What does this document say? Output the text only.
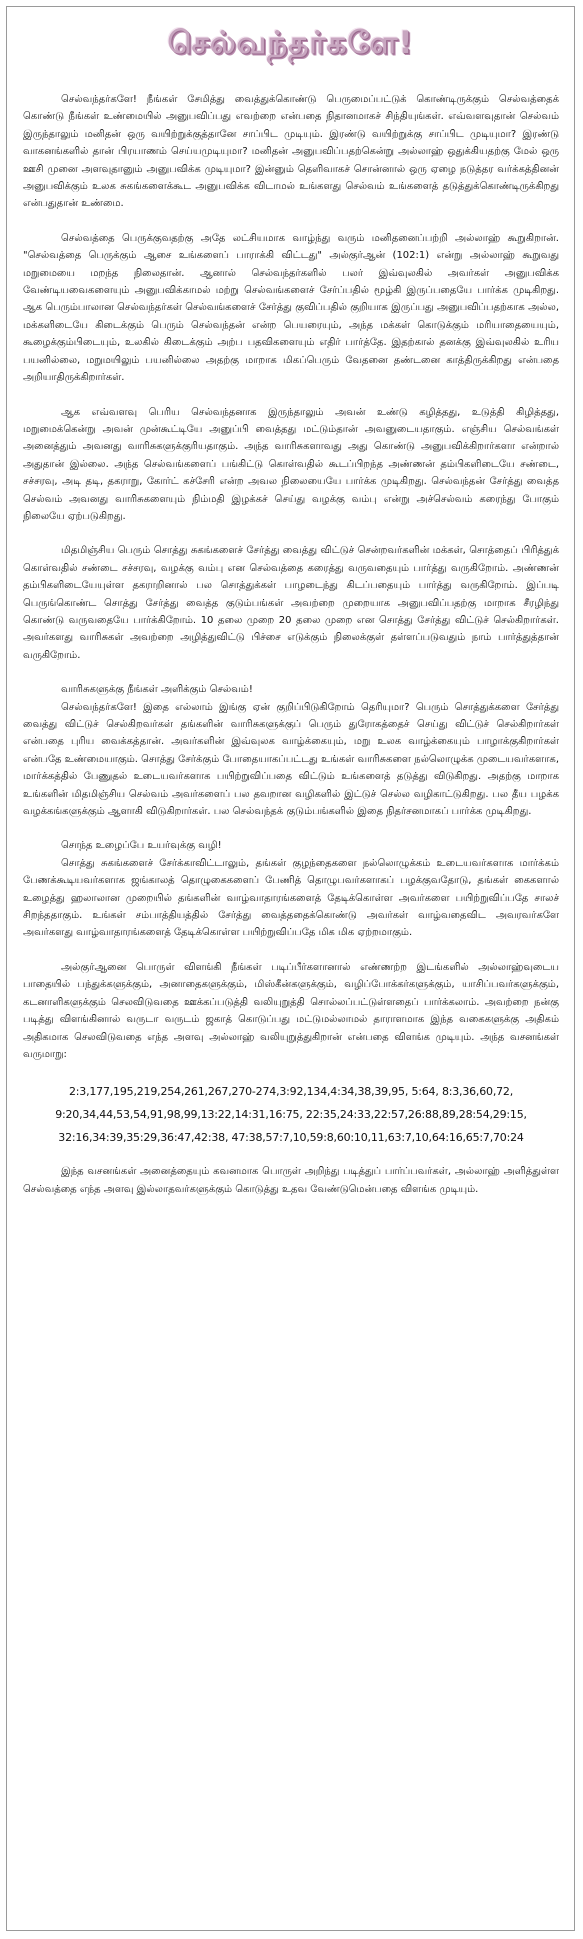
செல்வந்தர்களே!

செல்வந்தர்களே! நீங்கள் சேமித்து வைத்துக்கொண்டு பெருமைப்பட்டுக் கொண்டிருக்கும் செல்வத்தைக் கொண்டு நீங்கள் உண்மையில் அனுபவிப்பது எவற்றை என்பதை நிதானமாகச் சிந்தியுங்கள். எவ்வளவுதான் செல்வம் இருந்தாலும் மனிதன் ஒரு வயிற்றுக்குத்தானே சாப்பிட முடியும். இரண்டு வயிற்றுக்கு சாப்பிட முடியுமா? இரண்டு வாகனங்களில் தான் பிரயாணம் செய்யமுடியுமா? மனிதன் அனுபவிப்பதற்கென்று அல்லாஹ் ஒதுக்கியதற்கு மேல் ஒரு ஊசி முனை அளவுதானும் அனுபவிக்க முடியுமா? இன்னும் தெளிவாகச் சொன்னால் ஒரு ஏழை நடுத்தர வர்க்கத்தினன் அனுபவிக்கும் உலக சுகங்களைக்கூட அனுபவிக்க விடாமல் உங்களது செல்வம் உங்களைத் தடுத்துக்கொண்டிருக்கிறது என்பதுதான் உண்மை.

செல்வத்தை பெருக்குவதற்கு அதே லட்சியமாக வாழ்ந்து வரும் மனிதனைப்பற்றி அல்லாஹ் கூறுகிறான். "செல்வத்தை பெருக்கும் ஆசை உங்களைப் பாராக்கி விட்டது" அல்குர்ஆன் (102:1) என்று அல்லாஹ் கூறுவது மறுமையை மறந்த நிலைதான். ஆனால் செல்வந்தர்களில் பலர் இவ்வுலகில் அவர்கள் அனுபவிக்க வேண்டியவைகளையும் அனுபவிக்காமல் மற்று செல்வங்களைச் சேர்ப்பதில் மூழ்கி இருப்பதையே பார்க்க முடிகிறது. ஆக பெரும்பாலான செல்வந்தர்கள் செல்வங்களைச் சேர்த்து குவிப்பதில் குறியாக இருப்பது அனுபவிப்பதற்காக அல்ல, மக்களிடையே கிடைக்கும் பெரும் செல்வந்தன் என்ற பெயரையும், அந்த மக்கள் கொடுக்கும் மரியாதையையும், கூழைக்கும்பிடையும், உலகில் கிடைக்கும் அற்ப பதவிகளையும் எதிர் பார்த்தே. இதற்கால் தனக்கு இவ்வுலகில் உரிய பயனில்லை, மறுமயிலும் பயனில்லை அதற்கு மாறாக மிகப்பெரும் வேதனை தண்டனை காத்திருக்கிறது என்பதை அறியாதிருக்கிறார்கள்.

ஆக எவ்வளவு பெரிய செல்வந்தனாக இருந்தாலும் அவன் உண்டு கழித்தது, உடுத்தி கிழித்தது, மறுமைக்கென்று அவன் முன்கூட்டியே அனுப்பி வைத்தது மட்டும்தான் அவனுடையதாகும். எஞ்சிய செல்வங்கள் அனைத்தும் அவனது வாரிசுகளுக்குரியதாகும். அந்த வாரிசுகளாவது அது கொண்டு அனுபவிக்கிறார்களா என்றால் அதுதான் இல்லை. அந்த செல்வங்களைப் பங்கிட்டு கொள்வதில் கூடப்பிறந்த அண்ணன் தம்பிகளிடையே சண்டை, சச்சரவு, அடி தடி, தகராறு, கோர்ட் கச்சேரி என்ற அவல நிலையையே பார்க்க முடிகிறது. செல்வந்தன் சேர்த்து வைத்த செல்வம் அவனது வாரிசுகளையும் நிம்மதி இழக்கச் செய்து வழக்கு வம்பு என்று அச்செல்வம் கரைந்து போகும் நிலையே ஏற்படுகிறது.

மிதமிஞ்சிய பெரும் சொத்து சுகங்களைச் சேர்த்து வைத்து விட்டுச் சென்றவர்களின் மக்கள், சொத்தைப் பிரித்துக் கொள்வதில் சண்டை சச்சரவு, வழக்கு வம்பு என செல்வத்தை கரைத்து வருவதையும் பார்த்து வருகிறோம். அண்ணன் தம்பிகளிடையேயுள்ள தகராறினால் பல சொத்துக்கள் பாழடைந்து கிடப்பதையும் பார்த்து வருகிறோம். இப்படி பெருங்கொண்ட சொத்து சேர்த்து வைத்த குடும்பங்கள் அவற்றை முறையாக அனுபவிப்பதற்கு மாறாக சீரழிந்து கொண்டு வருவதையே பார்க்கிறோம். 10 தலை முறை 20 தலை முறை என சொத்து சேர்த்து விட்டுச் செல்கிறார்கள். அவர்களது வாரிசுகள் அவற்றை அழித்துவிட்டு பிச்சை எடுக்கும் நிலைக்குள் தள்ளப்படுவதும் நாம் பார்த்துத்தான் வருகிறோம்.

வாரிசுகளுக்கு நீங்கள் அளிக்கும் செல்வம்!

செல்வந்தர்களே! இதை எல்லாம் இங்கு ஏன் குறிப்பிடுகிறோம் தெரியுமா? பெரும் சொத்துக்களை சேர்த்து வைத்து விட்டுச் செல்கிறவர்கள் தங்களின் வாரிசுகளுக்குப் பெரும் துரோகத்தைச் செய்து விட்டுச் செல்கிறார்கள் என்பதை புரிய வைக்கத்தான். அவர்களின் இவ்வுலக வாழ்க்கையும், மறு உலக வாழ்க்கையும் பாழாக்குகிறார்கள் என்பதே உண்மையாகும். சொத்து சேர்க்கும் போதையாகப்பட்டது உங்கள் வாரிசுகளை நல்லொழுக்க முடையவர்களாக, மார்க்கத்தில் பேணுதல் உடையவர்களாக பயிற்றுவிப்பதை விட்டும் உங்களைத் தடுத்து விடுகிறது. அதற்கு மாறாக உங்களின் மிதமிஞ்சிய செல்வம் அவர்களைப் பல தவறான வழிகளில் இட்டுச் செல்ல வழிகாட்டுகிறது. பல தீய பழக்க வழக்கங்களுக்கும் ஆளாகி விடுகிறார்கள். பல செல்வந்தக் குடும்பங்களில் இதை நிதர்சனமாகப் பார்க்க முடிகிறது.

சொந்த உழைப்பே உயர்வுக்கு வழி!

சொத்து சுகங்களைச் சேர்க்காவிட்டாலும், தங்கள் குழந்தைகளை நல்லொழுக்கம் உடையவர்களாக மார்க்கம் பேணக்கூடியவர்களாக ஜங்காலத் தொழுகைகளைப் பேணித் தொழுபவர்களாகப் பழக்குவதோடு, தங்கள் கைகளால் உழைத்து ஹலாலான முறையில் தங்களின் வாழ்வாதாரங்களைத் தேடிக்கொள்ள அவர்களை பயிற்றுவிப்பதே சாலச் சிறந்ததாகும். உங்கள் சம்பாத்தியத்தில் சேர்த்து வைத்ததைக்கொண்டு அவர்கள் வாழ்வதைவிட அவரவர்களே அவர்களது வாழ்வாதாரங்களைத் தேடிக்கொள்ள பயிற்றுவிப்பதே மிக மிக ஏற்றமாகும்.

அல்குர்ஆனை பொருள் விளங்கி நீங்கள் படிப்பீர்களானால் எண்ணற்ற இடங்களில் அல்லாஹ்வுடைய பாதையில் பந்துக்களுக்கும், அனாதைகளுக்கும், மிஸ்கீன்களுக்கும், வழிப்போக்கர்களுக்கும், யாசிப்பவர்களுக்கும், கடனாளிகளுக்கும் செலவிடுவதை ஊக்கப்படுத்தி வலியுறுத்தி சொல்லப்பட்டுள்ளதைப் பார்க்கலாம். அவற்றை நன்கு படித்து விளங்கினால் வருடா வருடம் ஜகாத் கொடுப்பது மட்டுமல்லாமல் தாராளமாக இந்த வகைகளுக்கு அதிகம் அதிகமாக செலவிடுவதை எந்த அளவு அல்லாஹ் வலியுறுத்துகிறான் என்பதை விளங்க முடியும். அந்த வசனங்கள் வருமாறு:

2:3,177,195,219,254,261,267,270-274,3:92,134,4:34,38,39,95, 5:64, 8:3,36,60,72, 9:20,34,44,53,54,91,98,99,13:22,14:31,16:75, 22:35,24:33,22:57,26:88,89,28:54,29:15, 32:16,34:39,35:29,36:47,42:38, 47:38,57:7,10,59:8,60:10,11,63:7,10,64:16,65:7,70:24

இந்த வசனங்கள் அனைத்தையும் கவனமாக பொருள் அறிந்து படித்துப் பார்ப்பவர்கள், அல்லாஹ் அளித்துள்ள செல்வத்தை எந்த அளவு இல்லாதவர்களுக்கும் கொடுத்து உதவ வேண்டுமென்பதை விளங்க முடியும்.
